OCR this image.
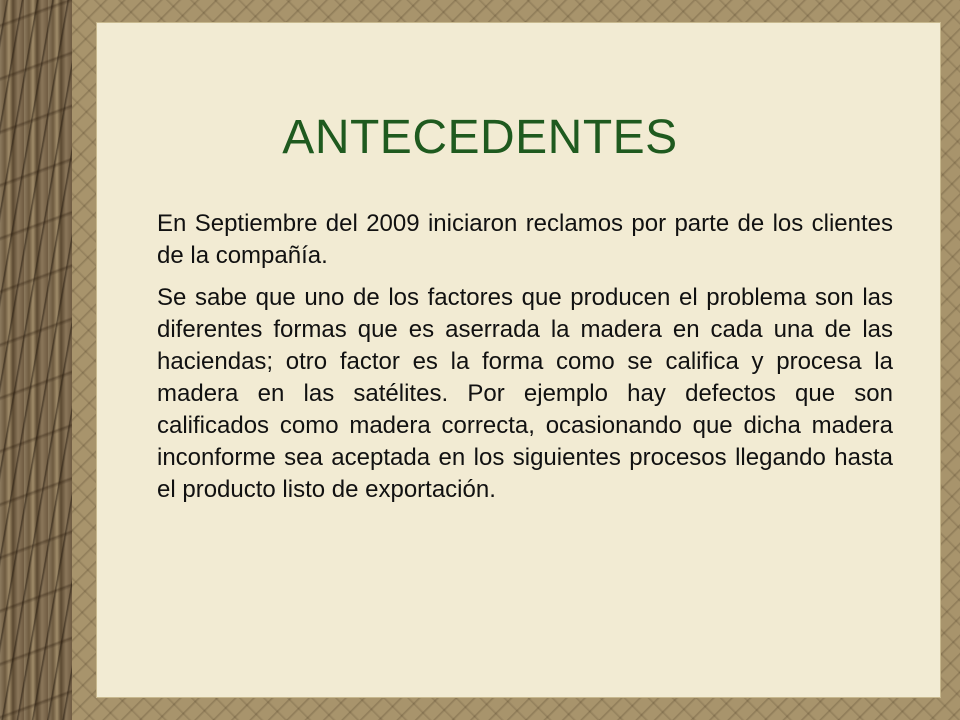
ANTECEDENTES

En Septiembre del 2009 iniciaron reclamos por parte de los clientes de la compañía.

Se sabe que uno de los factores que producen el problema son las diferentes formas que es aserrada la madera en cada una de las haciendas; otro factor es la forma como se califica y procesa la madera en las satélites. Por ejemplo hay defectos que son calificados como madera correcta, ocasionando que dicha madera inconforme sea aceptada en los siguientes procesos llegando hasta el producto listo de exportación.
